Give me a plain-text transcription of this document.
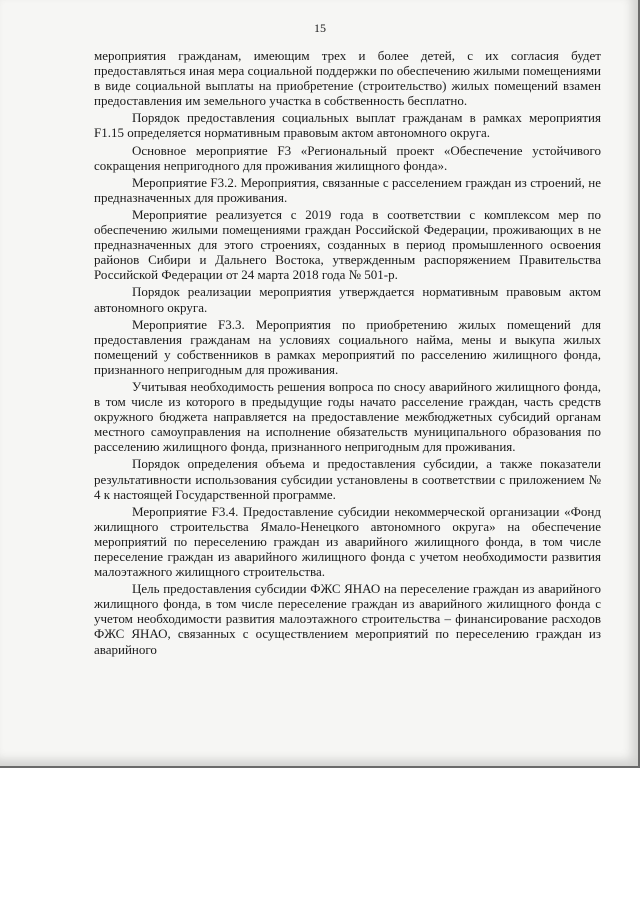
15

мероприятия гражданам, имеющим трех и более детей, с их согласия будет предоставляться иная мера социальной поддержки по обеспечению жилыми помещениями в виде социальной выплаты на приобретение (строительство) жилых помещений взамен предоставления им земельного участка в собственность бесплатно.

Порядок предоставления социальных выплат гражданам в рамках мероприятия F1.15 определяется нормативным правовым актом автономного округа.

Основное мероприятие F3 «Региональный проект «Обеспечение устойчивого сокращения непригодного для проживания жилищного фонда».

Мероприятие F3.2. Мероприятия, связанные с расселением граждан из строений, не предназначенных для проживания.

Мероприятие реализуется с 2019 года в соответствии с комплексом мер по обеспечению жилыми помещениями граждан Российской Федерации, проживающих в не предназначенных для этого строениях, созданных в период промышленного освоения районов Сибири и Дальнего Востока, утвержденным распоряжением Правительства Российской Федерации от 24 марта 2018 года № 501-р.

Порядок реализации мероприятия утверждается нормативным правовым актом автономного округа.

Мероприятие F3.3. Мероприятия по приобретению жилых помещений для предоставления гражданам на условиях социального найма, мены и выкупа жилых помещений у собственников в рамках мероприятий по расселению жилищного фонда, признанного непригодным для проживания.

Учитывая необходимость решения вопроса по сносу аварийного жилищного фонда, в том числе из которого в предыдущие годы начато расселение граждан, часть средств окружного бюджета направляется на предоставление межбюджетных субсидий органам местного самоуправления на исполнение обязательств муниципального образования по расселению жилищного фонда, признанного непригодным для проживания.

Порядок определения объема и предоставления субсидии, а также показатели результативности использования субсидии установлены в соответствии с приложением № 4 к настоящей Государственной программе.

Мероприятие F3.4. Предоставление субсидии некоммерческой организации «Фонд жилищного строительства Ямало-Ненецкого автономного округа» на обеспечение мероприятий по переселению граждан из аварийного жилищного фонда, в том числе переселение граждан из аварийного жилищного фонда с учетом необходимости развития малоэтажного жилищного строительства.

Цель предоставления субсидии ФЖС ЯНАО на переселение граждан из аварийного жилищного фонда, в том числе переселение граждан из аварийного жилищного фонда с учетом необходимости развития малоэтажного строительства – финансирование расходов ФЖС ЯНАО, связанных с осуществлением мероприятий по переселению граждан из аварийного
